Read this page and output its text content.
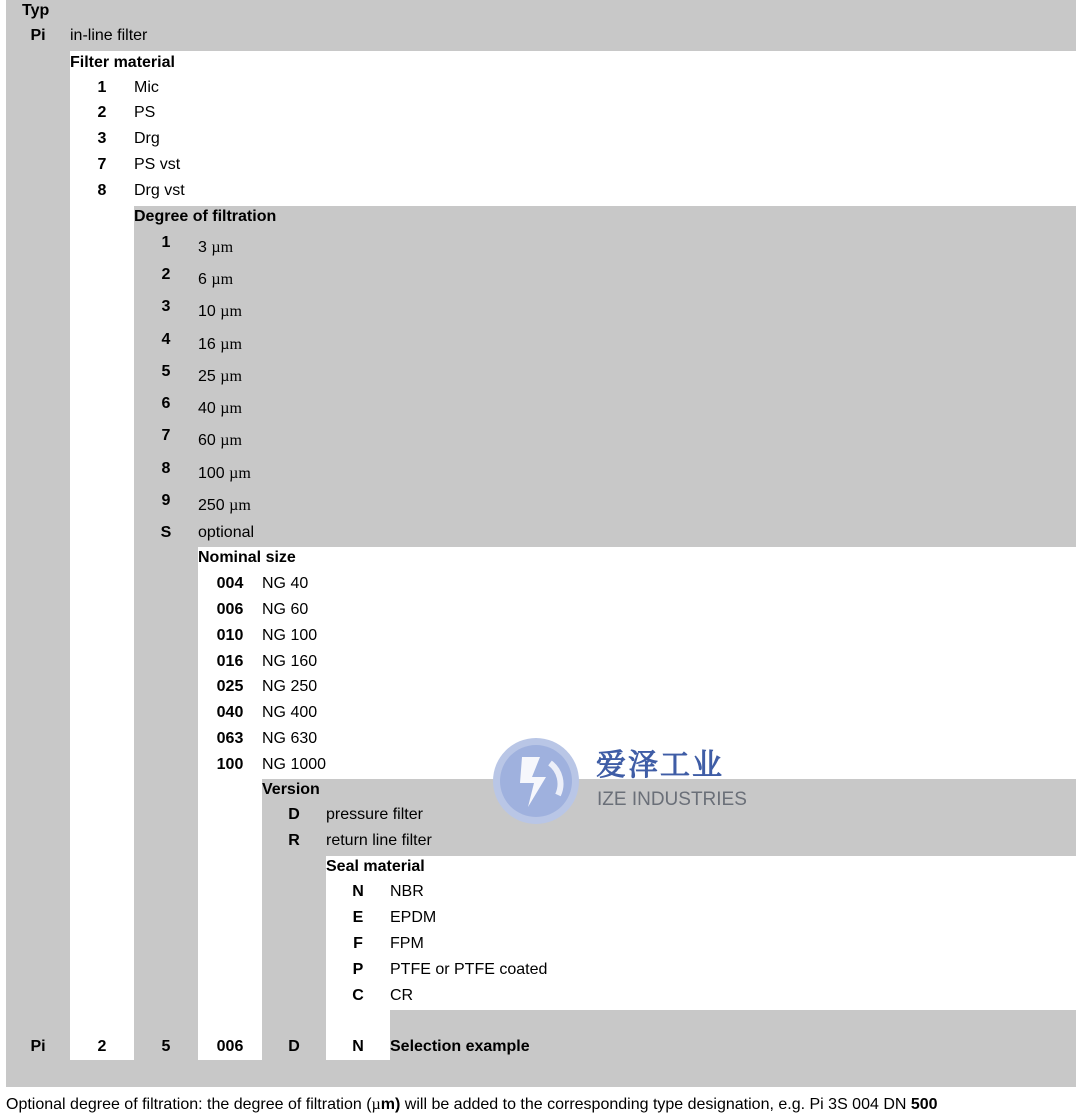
Typ
Pi	in-line filter
Filter material
1	Mic
2	PS
3	Drg
7	PS vst
8	Drg vst
Degree of filtration
1	3 µm
2	6 µm
3	10 µm
4	16 µm
5	25 µm
6	40 µm
7	60 µm
8	100 µm
9	250 µm
S	optional
Nominal size
004	NG 40
006	NG 60
010	NG 100
016	NG 160
025	NG 250
040	NG 400
063	NG 630
100	NG 1000
Version
D	pressure filter
R	return line filter
Seal material
N	NBR
E	EPDM
F	FPM
P	PTFE or PTFE coated
C	CR
Pi	2	5	006	D	N	Selection example
爱泽工业
IZE INDUSTRIES
Optional degree of filtration: the degree of filtration (µm) will be added to the corresponding type designation, e.g. Pi 3S 004 DN 500
